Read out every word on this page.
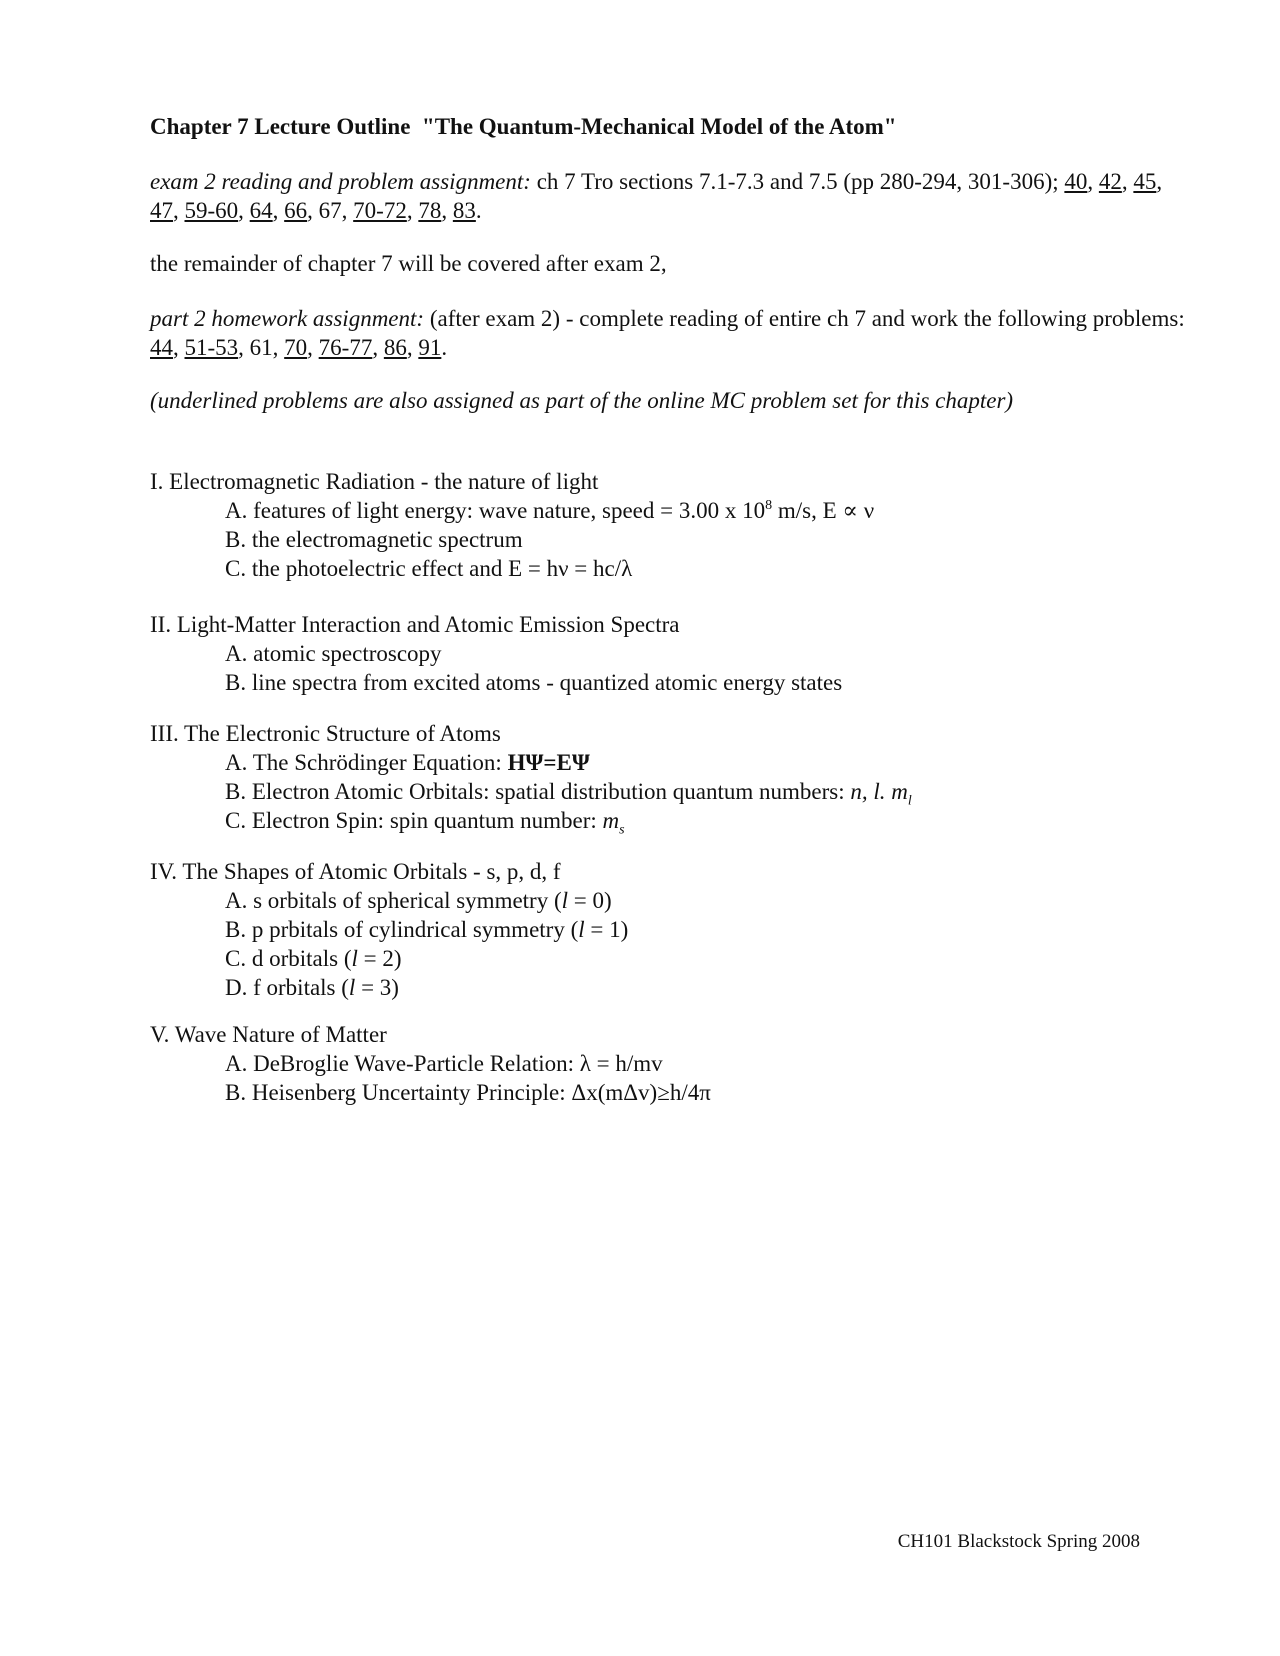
Chapter 7 Lecture Outline  "The Quantum-Mechanical Model of the Atom"

exam 2 reading and problem assignment: ch 7 Tro sections 7.1-7.3 and 7.5 (pp 280-294, 301-306); 40, 42, 45, 47, 59-60, 64, 66, 67, 70-72, 78, 83.

the remainder of chapter 7 will be covered after exam 2,

part 2 homework assignment: (after exam 2) - complete reading of entire ch 7 and work the following problems: 44, 51-53, 61, 70, 76-77, 86, 91.

(underlined problems are also assigned as part of the online MC problem set for this chapter)

I. Electromagnetic Radiation - the nature of light

A. features of light energy: wave nature, speed = 3.00 x $10^8$ m/s, E ∝ ν

B. the electromagnetic spectrum

C. the photoelectric effect and E = hν = hc/λ

II. Light-Matter Interaction and Atomic Emission Spectra

A. atomic spectroscopy

B. line spectra from excited atoms - quantized atomic energy states

III. The Electronic Structure of Atoms

A. The Schrödinger Equation: HΨ=EΨ

B. Electron Atomic Orbitals: spatial distribution quantum numbers: n, l. $m_l$

C. Electron Spin: spin quantum number: $m_s$

IV. The Shapes of Atomic Orbitals - s, p, d, f

A. s orbitals of spherical symmetry (l = 0)

B. p prbitals of cylindrical symmetry (l = 1)

C. d orbitals (l = 2)

D. f orbitals (l = 3)

V. Wave Nature of Matter

A. DeBroglie Wave-Particle Relation: λ = h/mv

B. Heisenberg Uncertainty Principle: Δx(mΔv)≥h/4π

CH101 Blackstock Spring 2008
